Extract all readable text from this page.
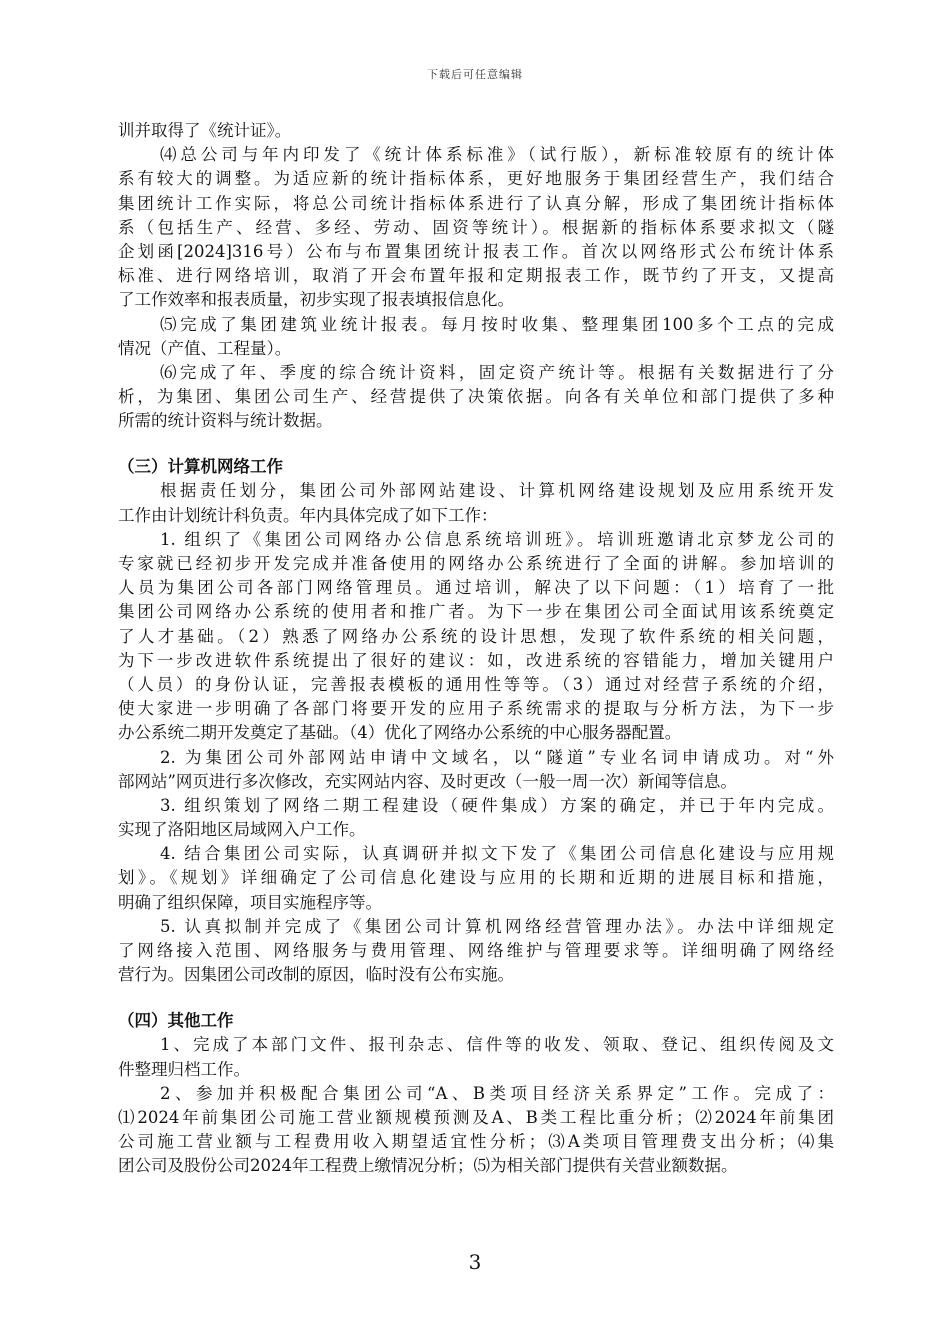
下载后可任意编辑
训并取得了《统计证》。
⑷总公司与年内印发了《统计体系标准》（试行版），新标准较原有的统计体
系有较大的调整。为适应新的统计指标体系，更好地服务于集团经营生产，我们结合
集团统计工作实际，将总公司统计指标体系进行了认真分解，形成了集团统计指标体
系（包括生产、经营、多经、劳动、固资等统计）。根据新的指标体系要求拟文（隧
企划函[2024]316号）公布与布置集团统计报表工作。首次以网络形式公布统计体系
标准、进行网络培训，取消了开会布置年报和定期报表工作，既节约了开支，又提高
了工作效率和报表质量，初步实现了报表填报信息化。
⑸完成了集团建筑业统计报表。每月按时收集、整理集团100多个工点的完成
情况（产值、工程量）。
⑹完成了年、季度的综合统计资料，固定资产统计等。根据有关数据进行了分
析，为集团、集团公司生产、经营提供了决策依据。向各有关单位和部门提供了多种
所需的统计资料与统计数据。
（三）计算机网络工作
根据责任划分，集团公司外部网站建设、计算机网络建设规划及应用系统开发
工作由计划统计科负责。年内具体完成了如下工作：
1. 组织了《集团公司网络办公信息系统培训班》。培训班邀请北京梦龙公司的
专家就已经初步开发完成并准备使用的网络办公系统进行了全面的讲解。参加培训的
人员为集团公司各部门网络管理员。通过培训，解决了以下问题：（1）培育了一批
集团公司网络办公系统的使用者和推广者。为下一步在集团公司全面试用该系统奠定
了人才基础。（2）熟悉了网络办公系统的设计思想，发现了软件系统的相关问题，
为下一步改进软件系统提出了很好的建议：如，改进系统的容错能力，增加关键用户
（人员）的身份认证，完善报表模板的通用性等等。（3）通过对经营子系统的介绍，
使大家进一步明确了各部门将要开发的应用子系统需求的提取与分析方法，为下一步
办公系统二期开发奠定了基础。（4）优化了网络办公系统的中心服务器配置。
2. 为集团公司外部网站申请中文域名，以“隧道”专业名词申请成功。对“外
部网站”网页进行多次修改，充实网站内容、及时更改（一般一周一次）新闻等信息。
3. 组织策划了网络二期工程建设（硬件集成）方案的确定，并已于年内完成。
实现了洛阳地区局域网入户工作。
4. 结合集团公司实际，认真调研并拟文下发了《集团公司信息化建设与应用规
划》。《规划》详细确定了公司信息化建设与应用的长期和近期的进展目标和措施，
明确了组织保障，项目实施程序等。
5. 认真拟制并完成了《集团公司计算机网络经营管理办法》。办法中详细规定
了网络接入范围、网络服务与费用管理、网络维护与管理要求等。详细明确了网络经
营行为。因集团公司改制的原因，临时没有公布实施。
（四）其他工作
1、完成了本部门文件、报刊杂志、信件等的收发、领取、登记、组织传阅及文
件整理归档工作。
2、参加并积极配合集团公司“A、B类项目经济关系界定”工作。完成了：
⑴2024年前集团公司施工营业额规模预测及A、B类工程比重分析；⑵2024年前集团
公司施工营业额与工程费用收入期望适宜性分析；⑶A类项目管理费支出分析；⑷集
团公司及股份公司2024年工程费上缴情况分析；⑸为相关部门提供有关营业额数据。
3
